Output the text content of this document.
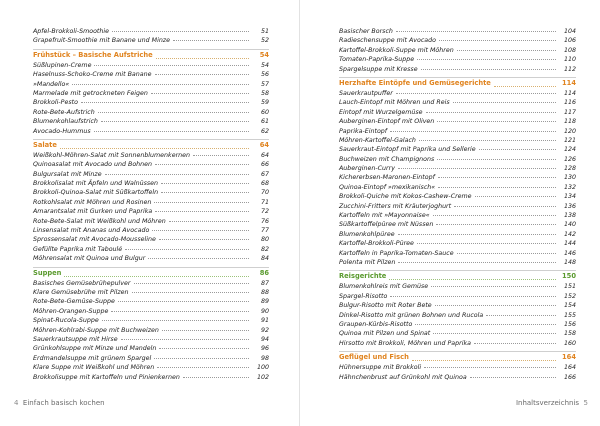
Apfel-Brokkoli-Smoothie	51
Grapefruit-Smoothie mit Banane und Minze	52
Frühstück – Basische Aufstriche	54
Süßlupinen-Creme	54
Haselnuss-Schoko-Creme mit Banane	56
»Mandello«	57
Marmelade mit getrockneten Feigen	58
Brokkoli-Pesto	59
Rote-Bete-Aufstrich	60
Blumenkohlaufstrich	61
Avocado-Hummus	62
Salate	64
Weißkohl-Möhren-Salat mit Sonnenblumenkernen	64
Quinoasalat mit Avocado und Bohnen	66
Bulgursalat mit Minze	67
Brokkolisalat mit Äpfeln und Walnüssen	68
Brokkoli-Quinoa-Salat mit Süßkartoffeln	70
Rotkohlsalat mit Möhren und Rosinen	71
Amarantsalat mit Gurken und Paprika	72
Rote-Bete-Salat mit Weißkohl und Möhren	76
Linsensalat mit Ananas und Avocado	77
Sprossensalat mit Avocado-Mousseline	80
Gefüllte Paprika mit Taboulé	82
Möhrensalat mit Quinoa und Bulgur	84
Suppen	86
Basisches Gemüsebrühepulver	87
Klare Gemüsebrühe mit Pilzen	88
Rote-Bete-Gemüse-Suppe	89
Möhren-Orangen-Suppe	90
Spinat-Rucola-Suppe	91
Möhren-Kohlrabi-Suppe mit Buchweizen	92
Sauerkrautsuppe mit Hirse	94
Grünkohlsuppe mit Minze und Mandeln	96
Erdmandelsuppe mit grünem Spargel	98
Klare Suppe mit Weißkohl und Möhren	100
Brokkolisuppe mit Kartoffeln und Pinienkernen	102
4 Einfach basisch kochen
Basischer Borsch	104
Radieschensuppe mit Avocado	106
Kartoffel-Brokkoli-Suppe mit Möhren	108
Tomaten-Paprika-Suppe	110
Spargelsuppe mit Kresse	112
Herzhafte Eintöpfe und Gemüsegerichte	114
Sauerkrautpuffer	114
Lauch-Eintopf mit Möhren und Reis	116
Eintopf mit Wurzelgemüse	117
Auberginen-Eintopf mit Oliven	118
Paprika-Eintopf	120
Möhren-Kartoffel-Galach	121
Sauerkraut-Eintopf mit Paprika und Sellerie	124
Buchweizen mit Champignons	126
Auberginen-Curry	128
Kichererbsen-Maronen-Eintopf	130
Quinoa-Eintopf »mexikanisch«	132
Brokkoli-Quiche mit Kokos-Cashew-Creme	134
Zucchini-Fritters mit Kräuterjoghurt	136
Kartoffeln mit »Mayonnaise«	138
Süßkartoffelpüree mit Nüssen	140
Blumenkohlpüree	142
Kartoffel-Brokkoli-Püree	144
Kartoffeln in Paprika-Tomaten-Sauce	146
Polenta mit Pilzen	148
Reisgerichte	150
Blumenkohlreis mit Gemüse	151
Spargel-Risotto	152
Bulgur-Risotto mit Roter Bete	154
Dinkel-Risotto mit grünen Bohnen und Rucola	155
Graupen-Kürbis-Risotto	156
Quinoa mit Pilzen und Spinat	158
Hirsotto mit Brokkoli, Möhren und Paprika	160
Geflügel und Fisch	164
Hühnersuppe mit Brokkoli	164
Hähnchenbrust auf Grünkohl mit Quinoa	166
Inhaltsverzeichnis 5
